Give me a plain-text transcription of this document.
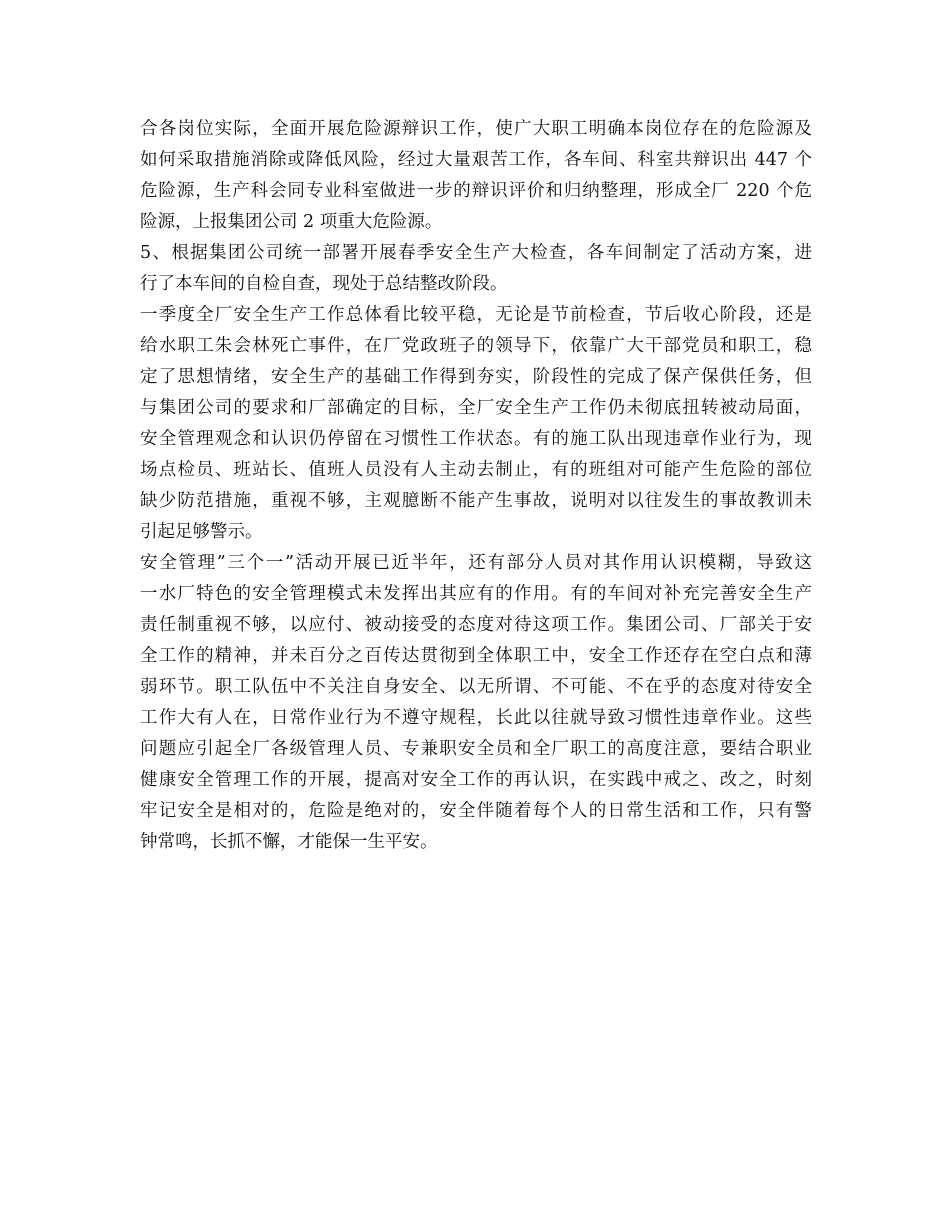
合各岗位实际，全面开展危险源辩识工作，使广大职工明确本岗位存在的危险源及
如何采取措施消除或降低风险，经过大量艰苦工作，各车间、科室共辩识出 447 个
危险源，生产科会同专业科室做进一步的辩识评价和归纳整理，形成全厂 220 个危
险源，上报集团公司 2 项重大危险源。
5、根据集团公司统一部署开展春季安全生产大检查，各车间制定了活动方案，进
行了本车间的自检自查，现处于总结整改阶段。
一季度全厂安全生产工作总体看比较平稳，无论是节前检查，节后收心阶段，还是
给水职工朱会林死亡事件，在厂党政班子的领导下，依靠广大干部党员和职工，稳
定了思想情绪，安全生产的基础工作得到夯实，阶段性的完成了保产保供任务，但
与集团公司的要求和厂部确定的目标，全厂安全生产工作仍未彻底扭转被动局面，
安全管理观念和认识仍停留在习惯性工作状态。有的施工队出现违章作业行为，现
场点检员、班站长、值班人员没有人主动去制止，有的班组对可能产生危险的部位
缺少防范措施，重视不够，主观臆断不能产生事故，说明对以往发生的事故教训未
引起足够警示。
安全管理”三个一”活动开展已近半年，还有部分人员对其作用认识模糊，导致这
一水厂特色的安全管理模式未发挥出其应有的作用。有的车间对补充完善安全生产
责任制重视不够，以应付、被动接受的态度对待这项工作。集团公司、厂部关于安
全工作的精神，并未百分之百传达贯彻到全体职工中，安全工作还存在空白点和薄
弱环节。职工队伍中不关注自身安全、以无所谓、不可能、不在乎的态度对待安全
工作大有人在，日常作业行为不遵守规程，长此以往就导致习惯性违章作业。这些
问题应引起全厂各级管理人员、专兼职安全员和全厂职工的高度注意，要结合职业
健康安全管理工作的开展，提高对安全工作的再认识，在实践中戒之、改之，时刻
牢记安全是相对的，危险是绝对的，安全伴随着每个人的日常生活和工作，只有警
钟常鸣，长抓不懈，才能保一生平安。
